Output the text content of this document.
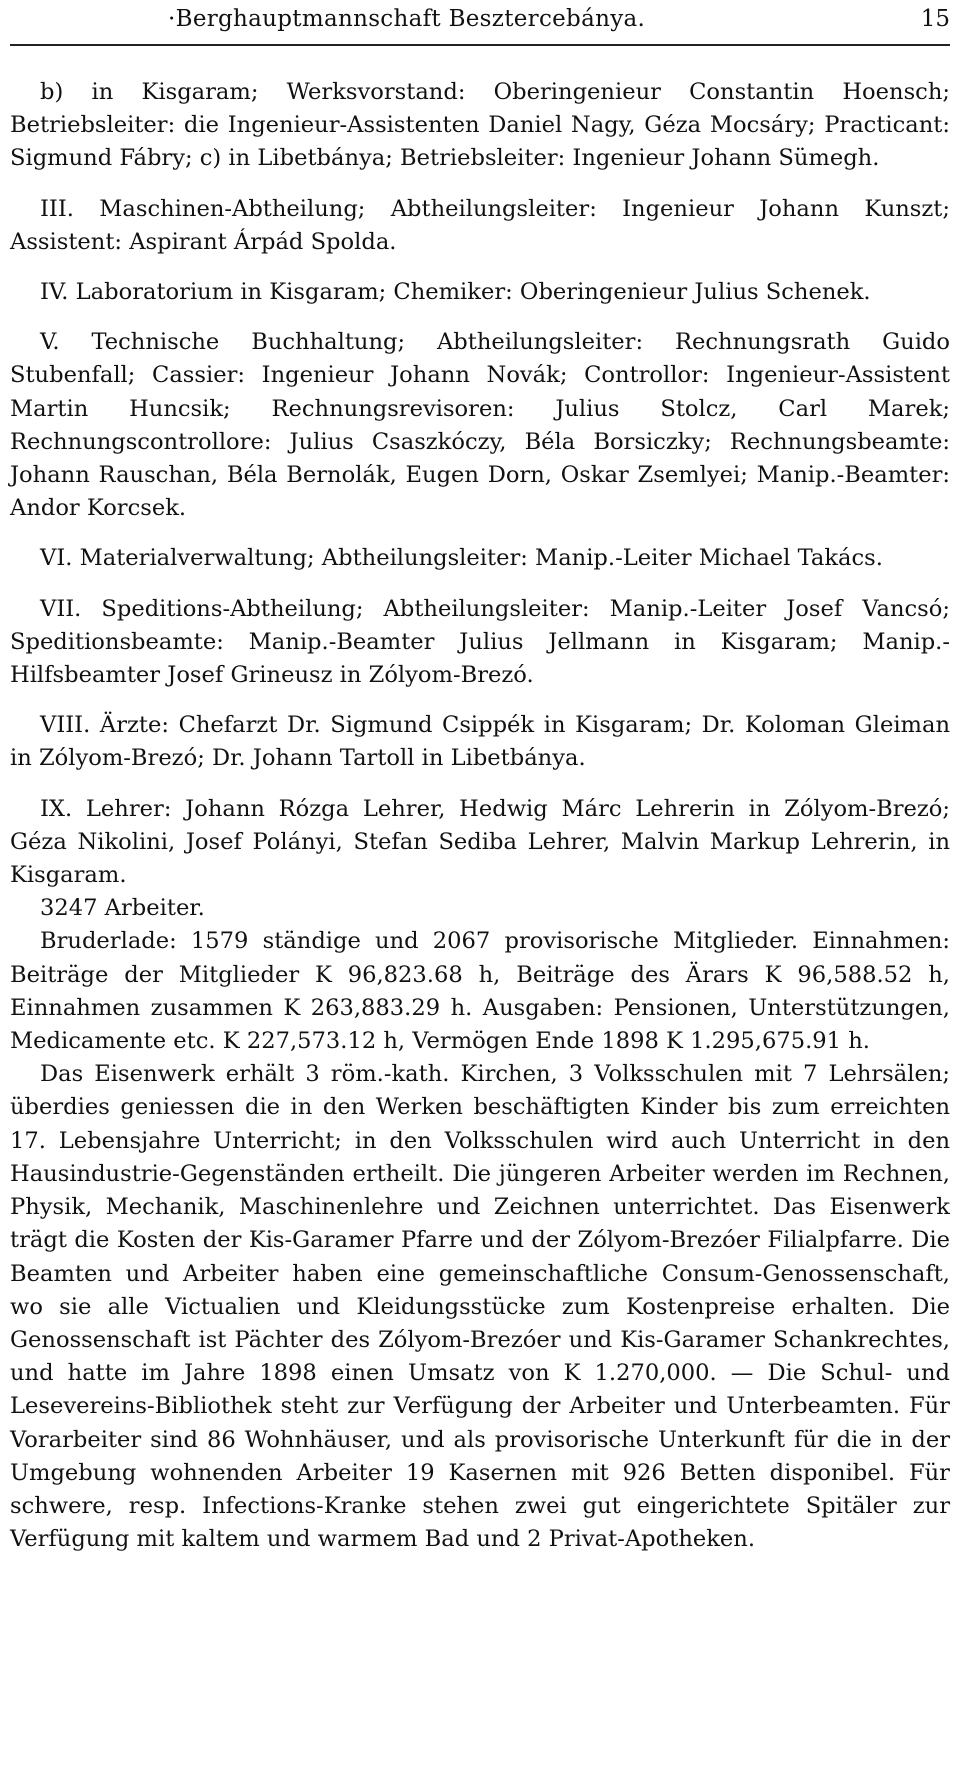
·Berghauptmannschaft Besztercebánya.	15

b) in Kisgaram; Werksvorstand: Oberingenieur Constantin Hoensch; Betriebsleiter: die Ingenieur-Assistenten Daniel Nagy, Géza Mocsáry; Practicant: Sigmund Fábry; c) in Libetbánya; Betriebsleiter: Ingenieur Johann Sümegh.

III. Maschinen-Abtheilung; Abtheilungsleiter: Ingenieur Johann Kunszt; Assistent: Aspirant Árpád Spolda.

IV. Laboratorium in Kisgaram; Chemiker: Oberingenieur Julius Schenek.

V. Technische Buchhaltung; Abtheilungsleiter: Rechnungsrath Guido Stubenfall; Cassier: Ingenieur Johann Novák; Controllor: Ingenieur-Assistent Martin Huncsik; Rechnungsrevisoren: Julius Stolcz, Carl Marek; Rechnungscontrollore: Julius Csaszkóczy, Béla Borsiczky; Rechnungsbeamte: Johann Rauschan, Béla Bernolák, Eugen Dorn, Oskar Zsemlyei; Manip.-Beamter: Andor Korcsek.

VI. Materialverwaltung; Abtheilungsleiter: Manip.-Leiter Michael Takács.

VII. Speditions-Abtheilung; Abtheilungsleiter: Manip.-Leiter Josef Vancsó; Speditionsbeamte: Manip.-Beamter Julius Jellmann in Kisgaram; Manip.-Hilfsbeamter Josef Grineusz in Zólyom-Brezó.

VIII. Ärzte: Chefarzt Dr. Sigmund Csippék in Kisgaram; Dr. Koloman Gleiman in Zólyom-Brezó; Dr. Johann Tartoll in Libetbánya.

IX. Lehrer: Johann Rózga Lehrer, Hedwig Márc Lehrerin in Zólyom-Brezó; Géza Nikolini, Josef Polányi, Stefan Sediba Lehrer, Malvin Markup Lehrerin, in Kisgaram.

3247 Arbeiter.

Bruderlade: 1579 ständige und 2067 provisorische Mitglieder. Einnahmen: Beiträge der Mitglieder K 96,823.68 h, Beiträge des Ärars K 96,588.52 h, Einnahmen zusammen K 263,883.29 h. Ausgaben: Pensionen, Unterstützungen, Medicamente etc. K 227,573.12 h, Vermögen Ende 1898 K 1.295,675.91 h.

Das Eisenwerk erhält 3 röm.-kath. Kirchen, 3 Volksschulen mit 7 Lehrsälen; überdies geniessen die in den Werken beschäftigten Kinder bis zum erreichten 17. Lebensjahre Unterricht; in den Volksschulen wird auch Unterricht in den Hausindustrie-Gegenständen ertheilt. Die jüngeren Arbeiter werden im Rechnen, Physik, Mechanik, Maschinenlehre und Zeichnen unterrichtet. Das Eisenwerk trägt die Kosten der Kis-Garamer Pfarre und der Zólyom-Brezóer Filialpfarre. Die Beamten und Arbeiter haben eine gemeinschaftliche Consum-Genossenschaft, wo sie alle Victualien und Kleidungsstücke zum Kostenpreise erhalten. Die Genossenschaft ist Pächter des Zólyom-Brezóer und Kis-Garamer Schankrechtes, und hatte im Jahre 1898 einen Umsatz von K 1.270,000. — Die Schul- und Lesevereins-Bibliothek steht zur Verfügung der Arbeiter und Unterbeamten. Für Vorarbeiter sind 86 Wohnhäuser, und als provisorische Unterkunft für die in der Umgebung wohnenden Arbeiter 19 Kasernen mit 926 Betten disponibel. Für schwere, resp. Infections-Kranke stehen zwei gut eingerichtete Spitäler zur Verfügung mit kaltem und warmem Bad und 2 Privat-Apotheken.
